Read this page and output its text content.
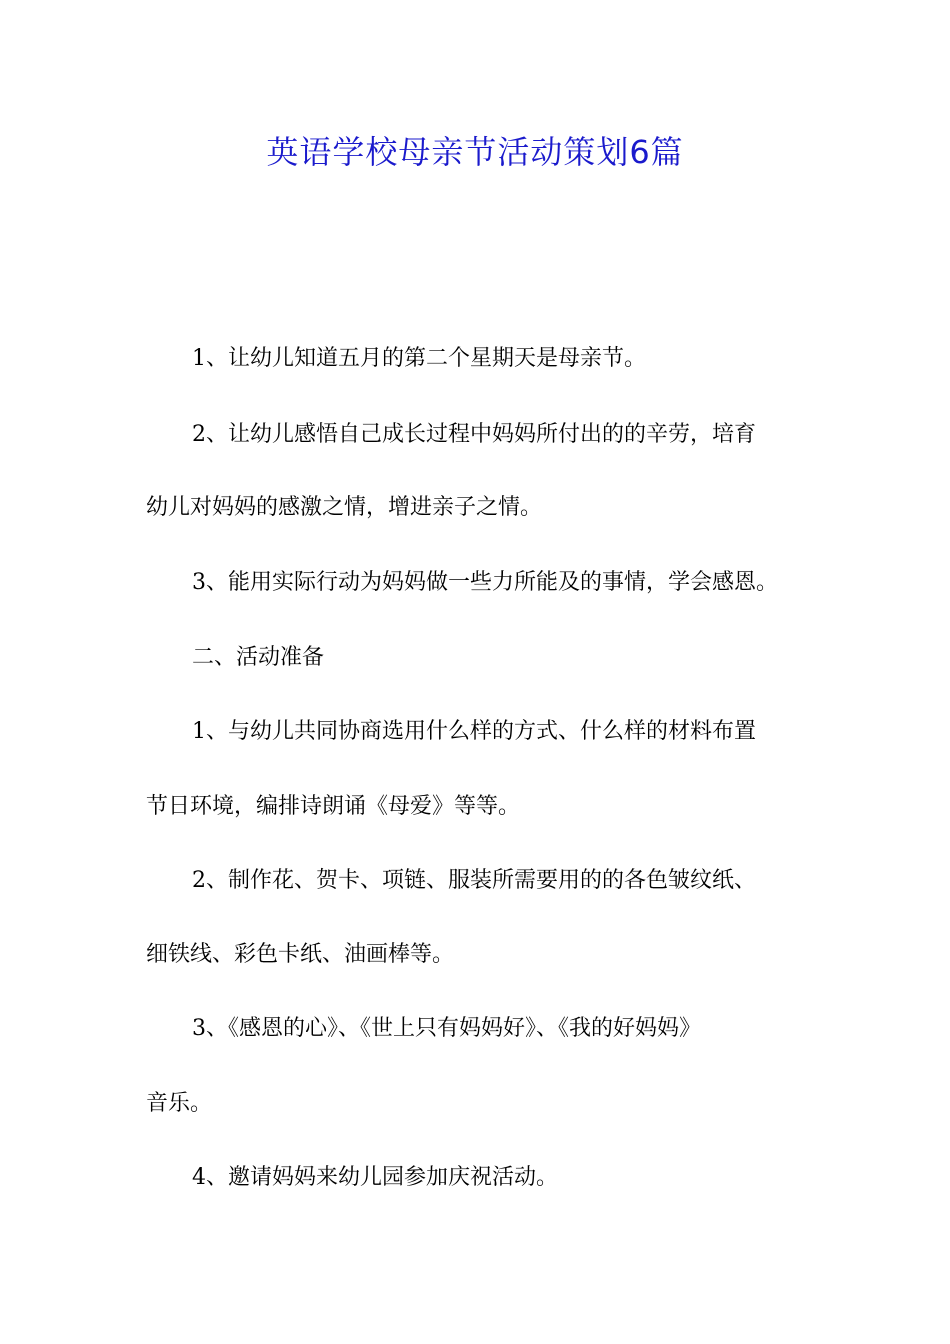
英语学校母亲节活动策划6篇
1、让幼儿知道五月的第二个星期天是母亲节。
2、让幼儿感悟自己成长过程中妈妈所付出的的辛劳，培育
幼儿对妈妈的感激之情，增进亲子之情。
3、能用实际行动为妈妈做一些力所能及的事情，学会感恩。
二、活动准备
1、与幼儿共同协商选用什么样的方式、什么样的材料布置
节日环境，编排诗朗诵《母爱》等等。
2、制作花、贺卡、项链、服装所需要用的的各色皱纹纸、
细铁线、彩色卡纸、油画棒等。
3、《感恩的心》、《世上只有妈妈好》、《我的好妈妈》
音乐。
4、邀请妈妈来幼儿园参加庆祝活动。
